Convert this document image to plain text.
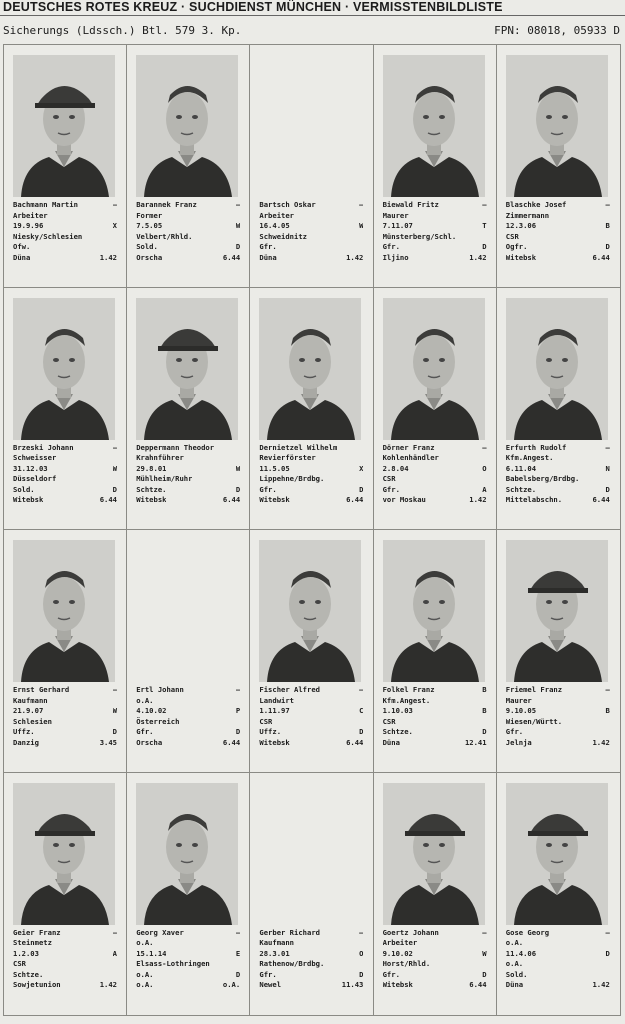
DEUTSCHES ROTES KREUZ · SUCHDIENST MÜNCHEN · VERMISSTENBILDLISTE
Sicherungs (Ldssch.) Btl. 579 3. Kp.	FPN: 08018, 05933 D
Bachmann Martin	–
Arbeiter
19.9.96	X
Niesky/Schlesien
Ofw.
Düna	1.42
Barannek Franz	–
Former
7.5.05	W
Velbert/Rhld.
Sold.	D
Orscha	6.44
Bartsch Oskar	–
Arbeiter
16.4.05	W
Schweidnitz
Gfr.
Düna	1.42
Biewald Fritz	–
Maurer
7.11.07	T
Münsterberg/Schl.
Gfr.	D
Iljino	1.42
Blaschke Josef	–
Zimmermann
12.3.06	B
CSR
Ogfr.	D
Witebsk	6.44
Brzeski Johann	–
Schweisser
31.12.03	W
Düsseldorf
Sold.	D
Witebsk	6.44
Deppermann Theodor
Krahnführer
29.8.01	W
Mühlheim/Ruhr
Schtze.	D
Witebsk	6.44
Dernietzel Wilhelm
Revierförster
11.5.05	X
Lippehne/Brdbg.
Gfr.	D
Witebsk	6.44
Dörner Franz	–
Kohlenhändler
2.8.04	O
CSR
Gfr.	A
vor Moskau	1.42
Erfurth Rudolf	–
Kfm.Angest.
6.11.04	N
Babelsberg/Brdbg.
Schtze.	D
Mittelabschn.	6.44
Ernst Gerhard	–
Kaufmann
21.9.07	W
Schlesien
Uffz.	D
Danzig	3.45
Ertl Johann	–
o.A.
4.10.02	P
Österreich
Gfr.	D
Orscha	6.44
Fischer Alfred	–
Landwirt
1.11.97	C
CSR
Uffz.	D
Witebsk	6.44
Folkel Franz	B
Kfm.Angest.
1.10.03	B
CSR
Schtze.	D
Düna	12.41
Friemel Franz	–
Maurer
9.10.05	B
Wiesen/Württ.
Gfr.
Jelnja	1.42
Geier Franz	–
Steinmetz
1.2.03	A
CSR
Schtze.
Sowjetunion	1.42
Georg Xaver	–
o.A.
15.1.14	E
Elsass-Lothringen
o.A.	D
o.A.	o.A.
Gerber Richard	–
Kaufmann
28.3.01	O
Rathenow/Brdbg.
Gfr.	D
Newel	11.43
Goertz Johann	–
Arbeiter
9.10.02	W
Horst/Rhld.
Gfr.	D
Witebsk	6.44
Gose Georg	–
o.A.
11.4.06	D
o.A.
Sold.
Düna	1.42
